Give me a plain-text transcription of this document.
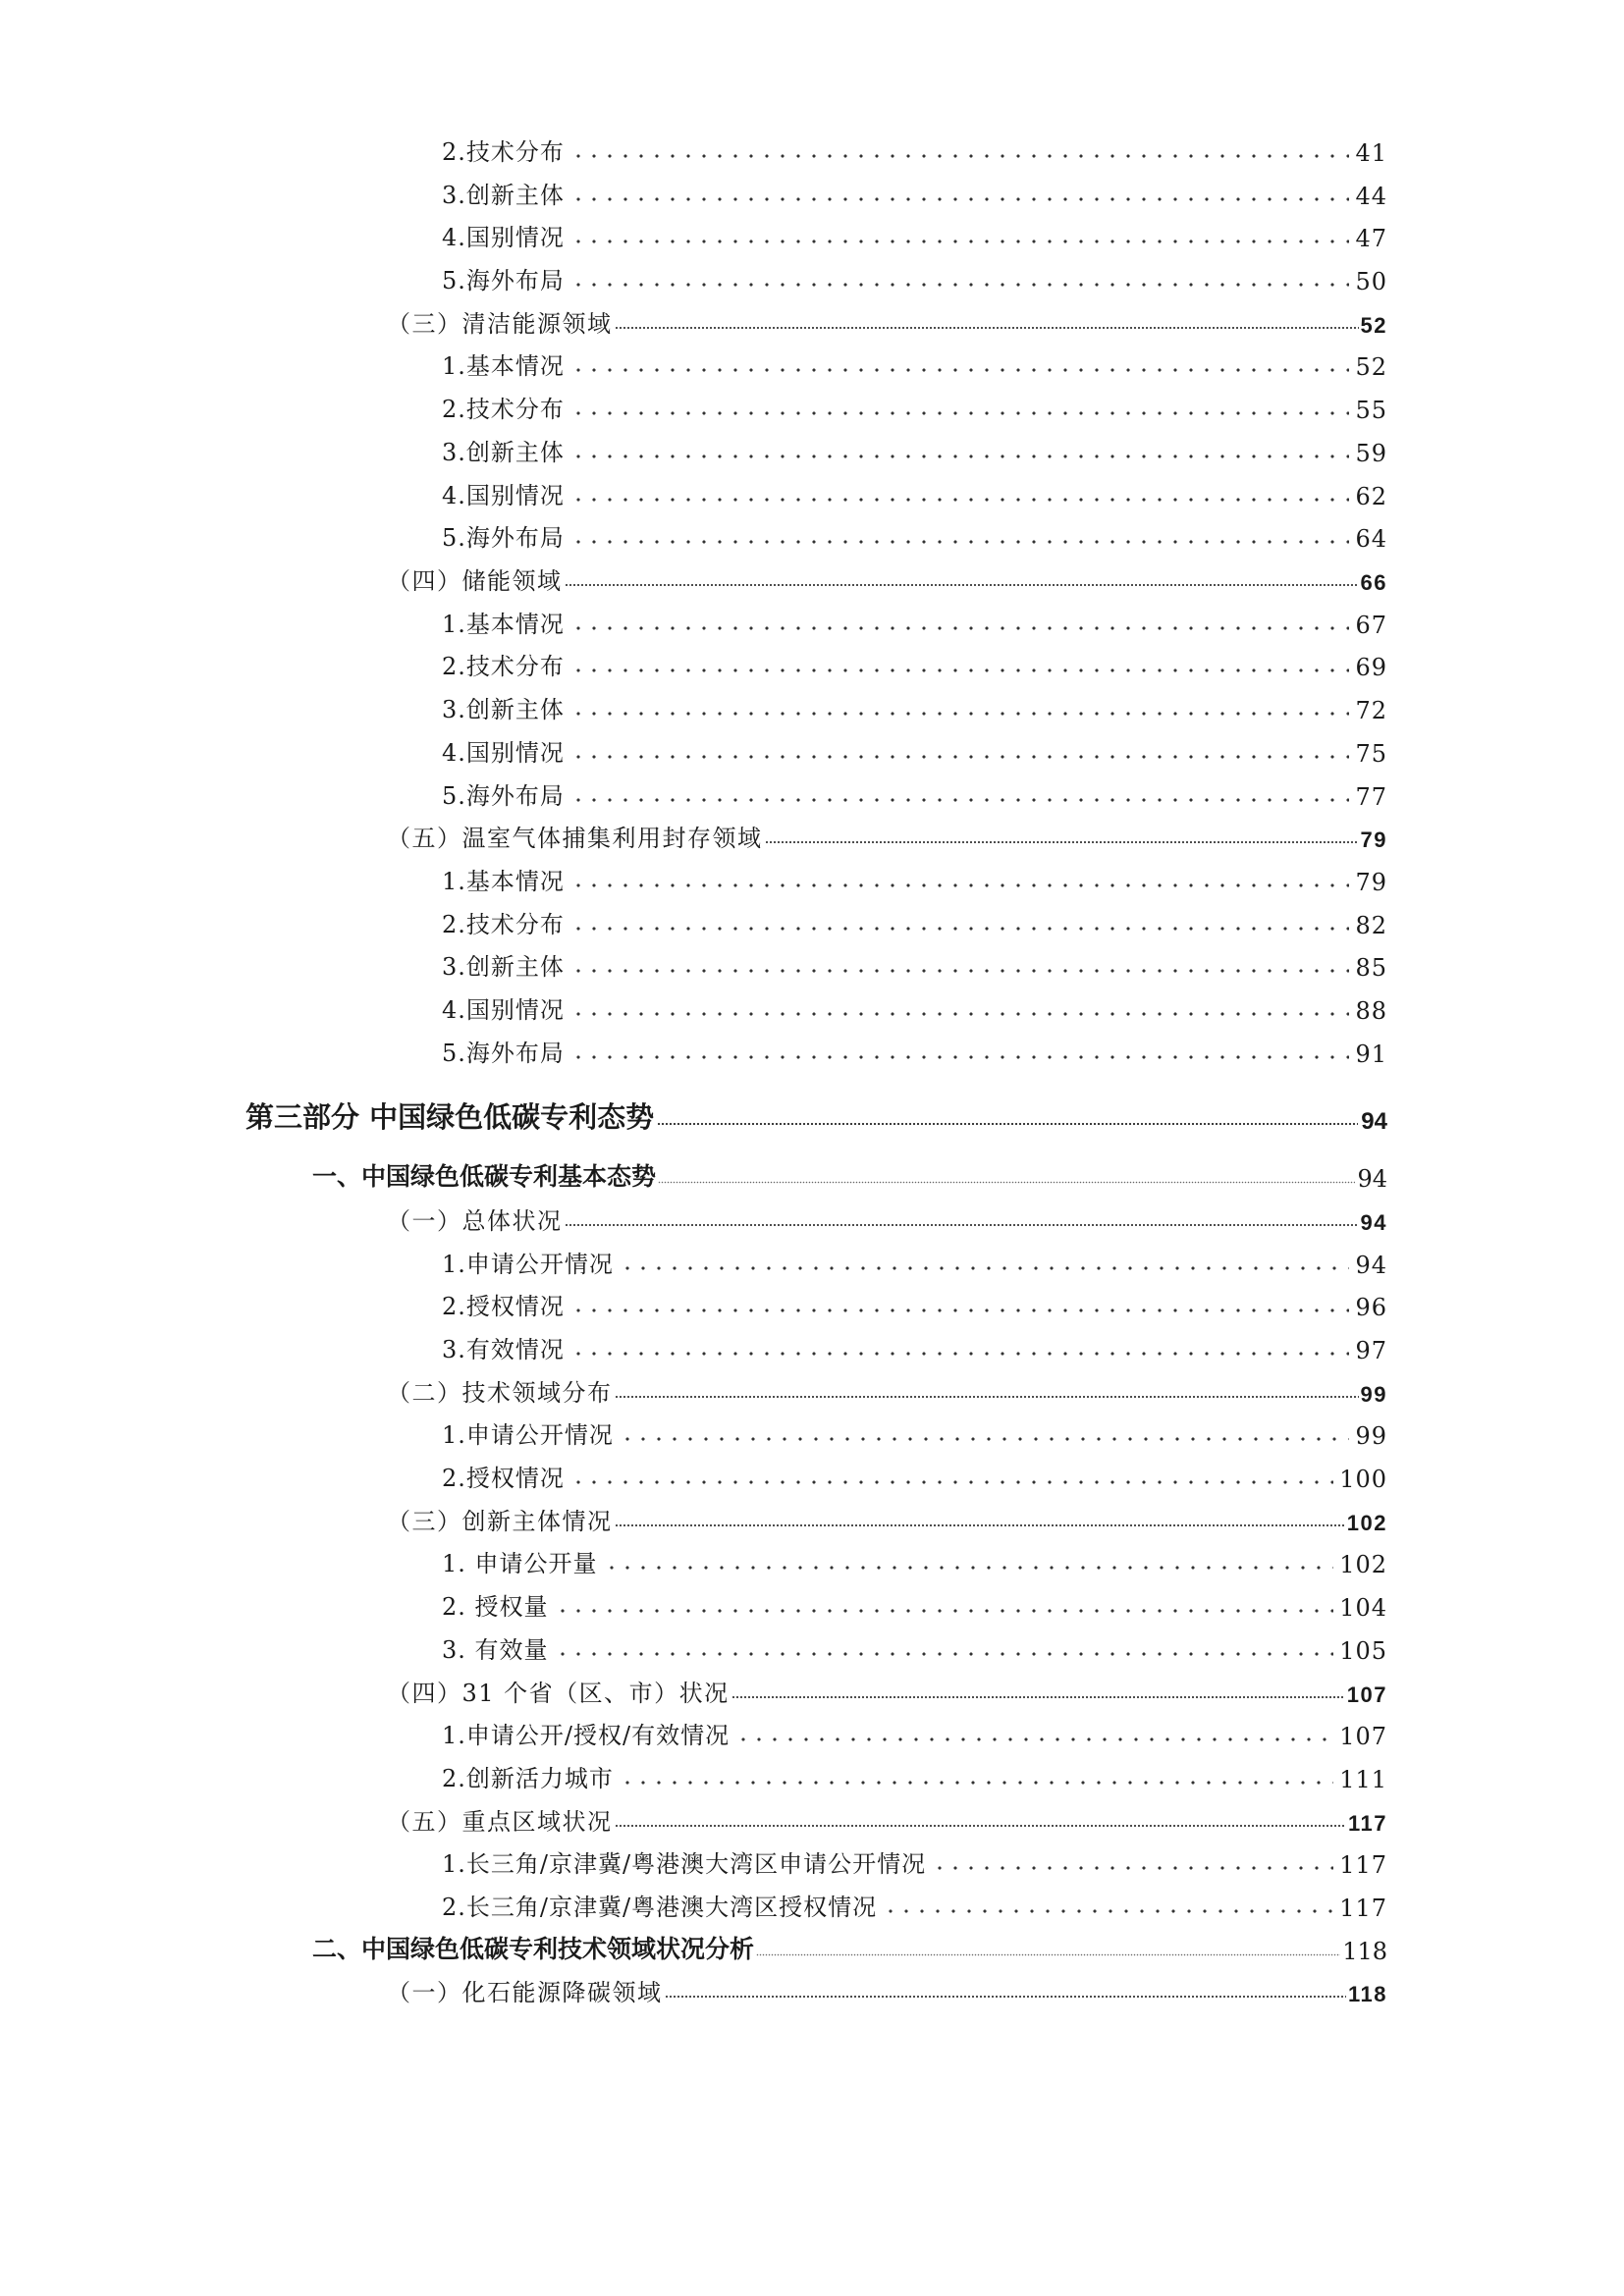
2.技术分布	41
3.创新主体	44
4.国别情况	47
5.海外布局	50
（三）清洁能源领域	52
1.基本情况	52
2.技术分布	55
3.创新主体	59
4.国别情况	62
5.海外布局	64
（四）储能领域	66
1.基本情况	67
2.技术分布	69
3.创新主体	72
4.国别情况	75
5.海外布局	77
（五）温室气体捕集利用封存领域	79
1.基本情况	79
2.技术分布	82
3.创新主体	85
4.国别情况	88
5.海外布局	91
第三部分 中国绿色低碳专利态势	94
一、中国绿色低碳专利基本态势	94
（一）总体状况	94
1.申请公开情况	94
2.授权情况	96
3.有效情况	97
（二）技术领域分布	99
1.申请公开情况	99
2.授权情况	100
（三）创新主体情况	102
1. 申请公开量	102
2. 授权量	104
3. 有效量	105
（四）31 个省（区、市）状况	107
1.申请公开/授权/有效情况	107
2.创新活力城市	111
（五）重点区域状况	117
1.长三角/京津冀/粤港澳大湾区申请公开情况	117
2.长三角/京津冀/粤港澳大湾区授权情况	117
二、中国绿色低碳专利技术领域状况分析	118
（一）化石能源降碳领域	118
